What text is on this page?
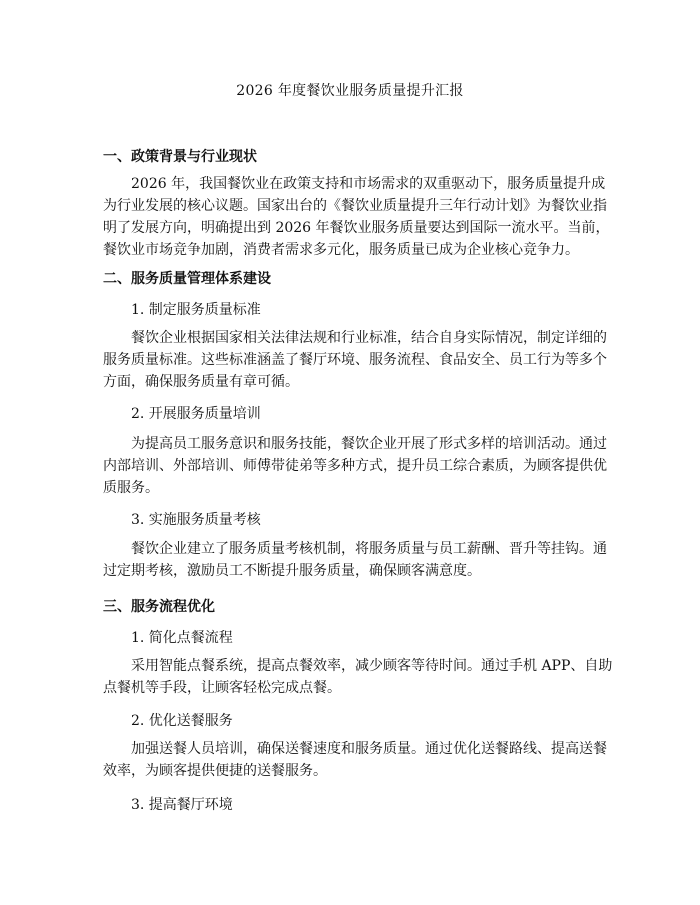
2026 年度餐饮业服务质量提升汇报
一、政策背景与行业现状
2026 年，我国餐饮业在政策支持和市场需求的双重驱动下，服务质量提升成
为行业发展的核心议题。国家出台的《餐饮业质量提升三年行动计划》为餐饮业指
明了发展方向，明确提出到 2026 年餐饮业服务质量要达到国际一流水平。当前，
餐饮业市场竞争加剧，消费者需求多元化，服务质量已成为企业核心竞争力。
二、服务质量管理体系建设
1. 制定服务质量标准
餐饮企业根据国家相关法律法规和行业标准，结合自身实际情况，制定详细的
服务质量标准。这些标准涵盖了餐厅环境、服务流程、食品安全、员工行为等多个
方面，确保服务质量有章可循。
2. 开展服务质量培训
为提高员工服务意识和服务技能，餐饮企业开展了形式多样的培训活动。通过
内部培训、外部培训、师傅带徒弟等多种方式，提升员工综合素质，为顾客提供优
质服务。
3. 实施服务质量考核
餐饮企业建立了服务质量考核机制，将服务质量与员工薪酬、晋升等挂钩。通
过定期考核，激励员工不断提升服务质量，确保顾客满意度。
三、服务流程优化
1. 简化点餐流程
采用智能点餐系统，提高点餐效率，减少顾客等待时间。通过手机 APP、自助
点餐机等手段，让顾客轻松完成点餐。
2. 优化送餐服务
加强送餐人员培训，确保送餐速度和服务质量。通过优化送餐路线、提高送餐
效率，为顾客提供便捷的送餐服务。
3. 提高餐厅环境
